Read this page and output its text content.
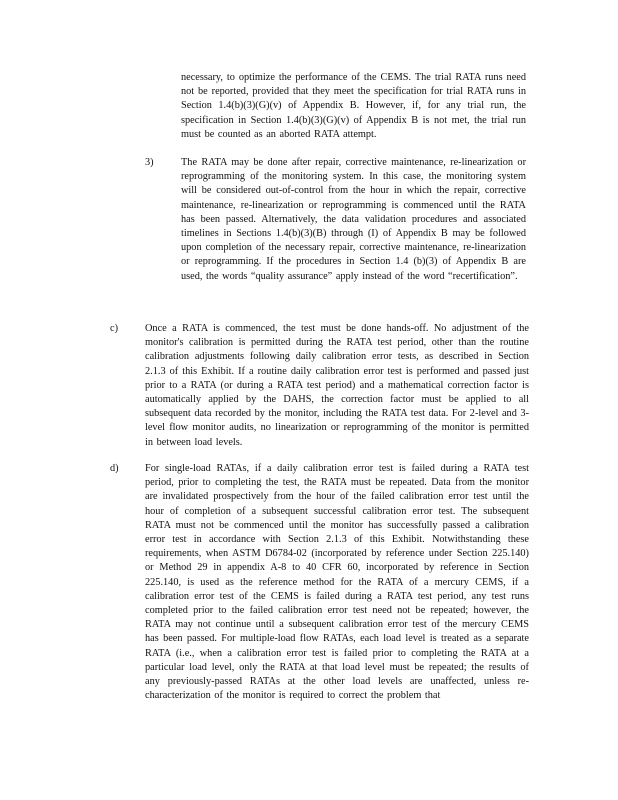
necessary, to optimize the performance of the CEMS. The trial RATA runs need not be reported, provided that they meet the specification for trial RATA runs in Section 1.4(b)(3)(G)(v) of Appendix B. However, if, for any trial run, the specification in Section 1.4(b)(3)(G)(v) of Appendix B is not met, the trial run must be counted as an aborted RATA attempt.

3)	The RATA may be done after repair, corrective maintenance, re-linearization or reprogramming of the monitoring system. In this case, the monitoring system will be considered out-of-control from the hour in which the repair, corrective maintenance, re-linearization or reprogramming is commenced until the RATA has been passed. Alternatively, the data validation procedures and associated timelines in Sections 1.4(b)(3)(B) through (I) of Appendix B may be followed upon completion of the necessary repair, corrective maintenance, re-linearization or reprogramming. If the procedures in Section 1.4 (b)(3) of Appendix B are used, the words “quality assurance” apply instead of the word “recertification”.

c)	Once a RATA is commenced, the test must be done hands-off. No adjustment of the monitor's calibration is permitted during the RATA test period, other than the routine calibration adjustments following daily calibration error tests, as described in Section 2.1.3 of this Exhibit. If a routine daily calibration error test is performed and passed just prior to a RATA (or during a RATA test period) and a mathematical correction factor is automatically applied by the DAHS, the correction factor must be applied to all subsequent data recorded by the monitor, including the RATA test data. For 2-level and 3-level flow monitor audits, no linearization or reprogramming of the monitor is permitted in between load levels.

d)	For single-load RATAs, if a daily calibration error test is failed during a RATA test period, prior to completing the test, the RATA must be repeated. Data from the monitor are invalidated prospectively from the hour of the failed calibration error test until the hour of completion of a subsequent successful calibration error test. The subsequent RATA must not be commenced until the monitor has successfully passed a calibration error test in accordance with Section 2.1.3 of this Exhibit. Notwithstanding these requirements, when ASTM D6784-02 (incorporated by reference under Section 225.140) or Method 29 in appendix A-8 to 40 CFR 60, incorporated by reference in Section 225.140, is used as the reference method for the RATA of a mercury CEMS, if a calibration error test of the CEMS is failed during a RATA test period, any test runs completed prior to the failed calibration error test need not be repeated; however, the RATA may not continue until a subsequent calibration error test of the mercury CEMS has been passed. For multiple-load flow RATAs, each load level is treated as a separate RATA (i.e., when a calibration error test is failed prior to completing the RATA at a particular load level, only the RATA at that load level must be repeated; the results of any previously-passed RATAs at the other load levels are unaffected, unless re-characterization of the monitor is required to correct the problem that
